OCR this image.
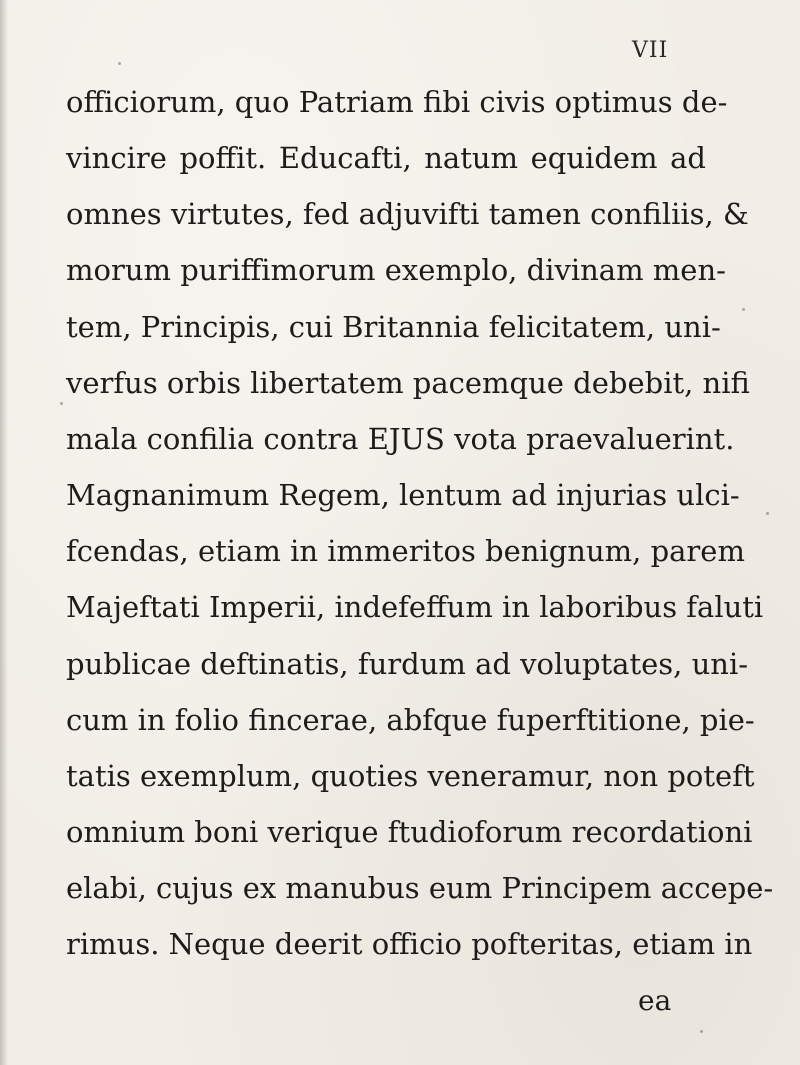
VII
officiorum, quo Patriam fibi civis optimus de-
vincire poffit. Educafti, natum equidem ad
omnes virtutes, fed adjuvifti tamen confiliis, &
morum puriffimorum exemplo, divinam men-
tem, Principis, cui Britannia felicitatem, uni-
verfus orbis libertatem pacemque debebit, nifi
mala confilia contra EJUS vota praevaluerint.
Magnanimum Regem, lentum ad injurias ulci-
fcendas, etiam in immeritos benignum, parem
Majeftati Imperii, indefeffum in laboribus faluti
publicae deftinatis, furdum ad voluptates, uni-
cum in folio fincerae, abfque fuperftitione, pie-
tatis exemplum, quoties veneramur, non poteft
omnium boni verique ftudioforum recordationi
elabi, cujus ex manubus eum Principem accepe-
rimus. Neque deerit officio pofteritas, etiam in
ea
